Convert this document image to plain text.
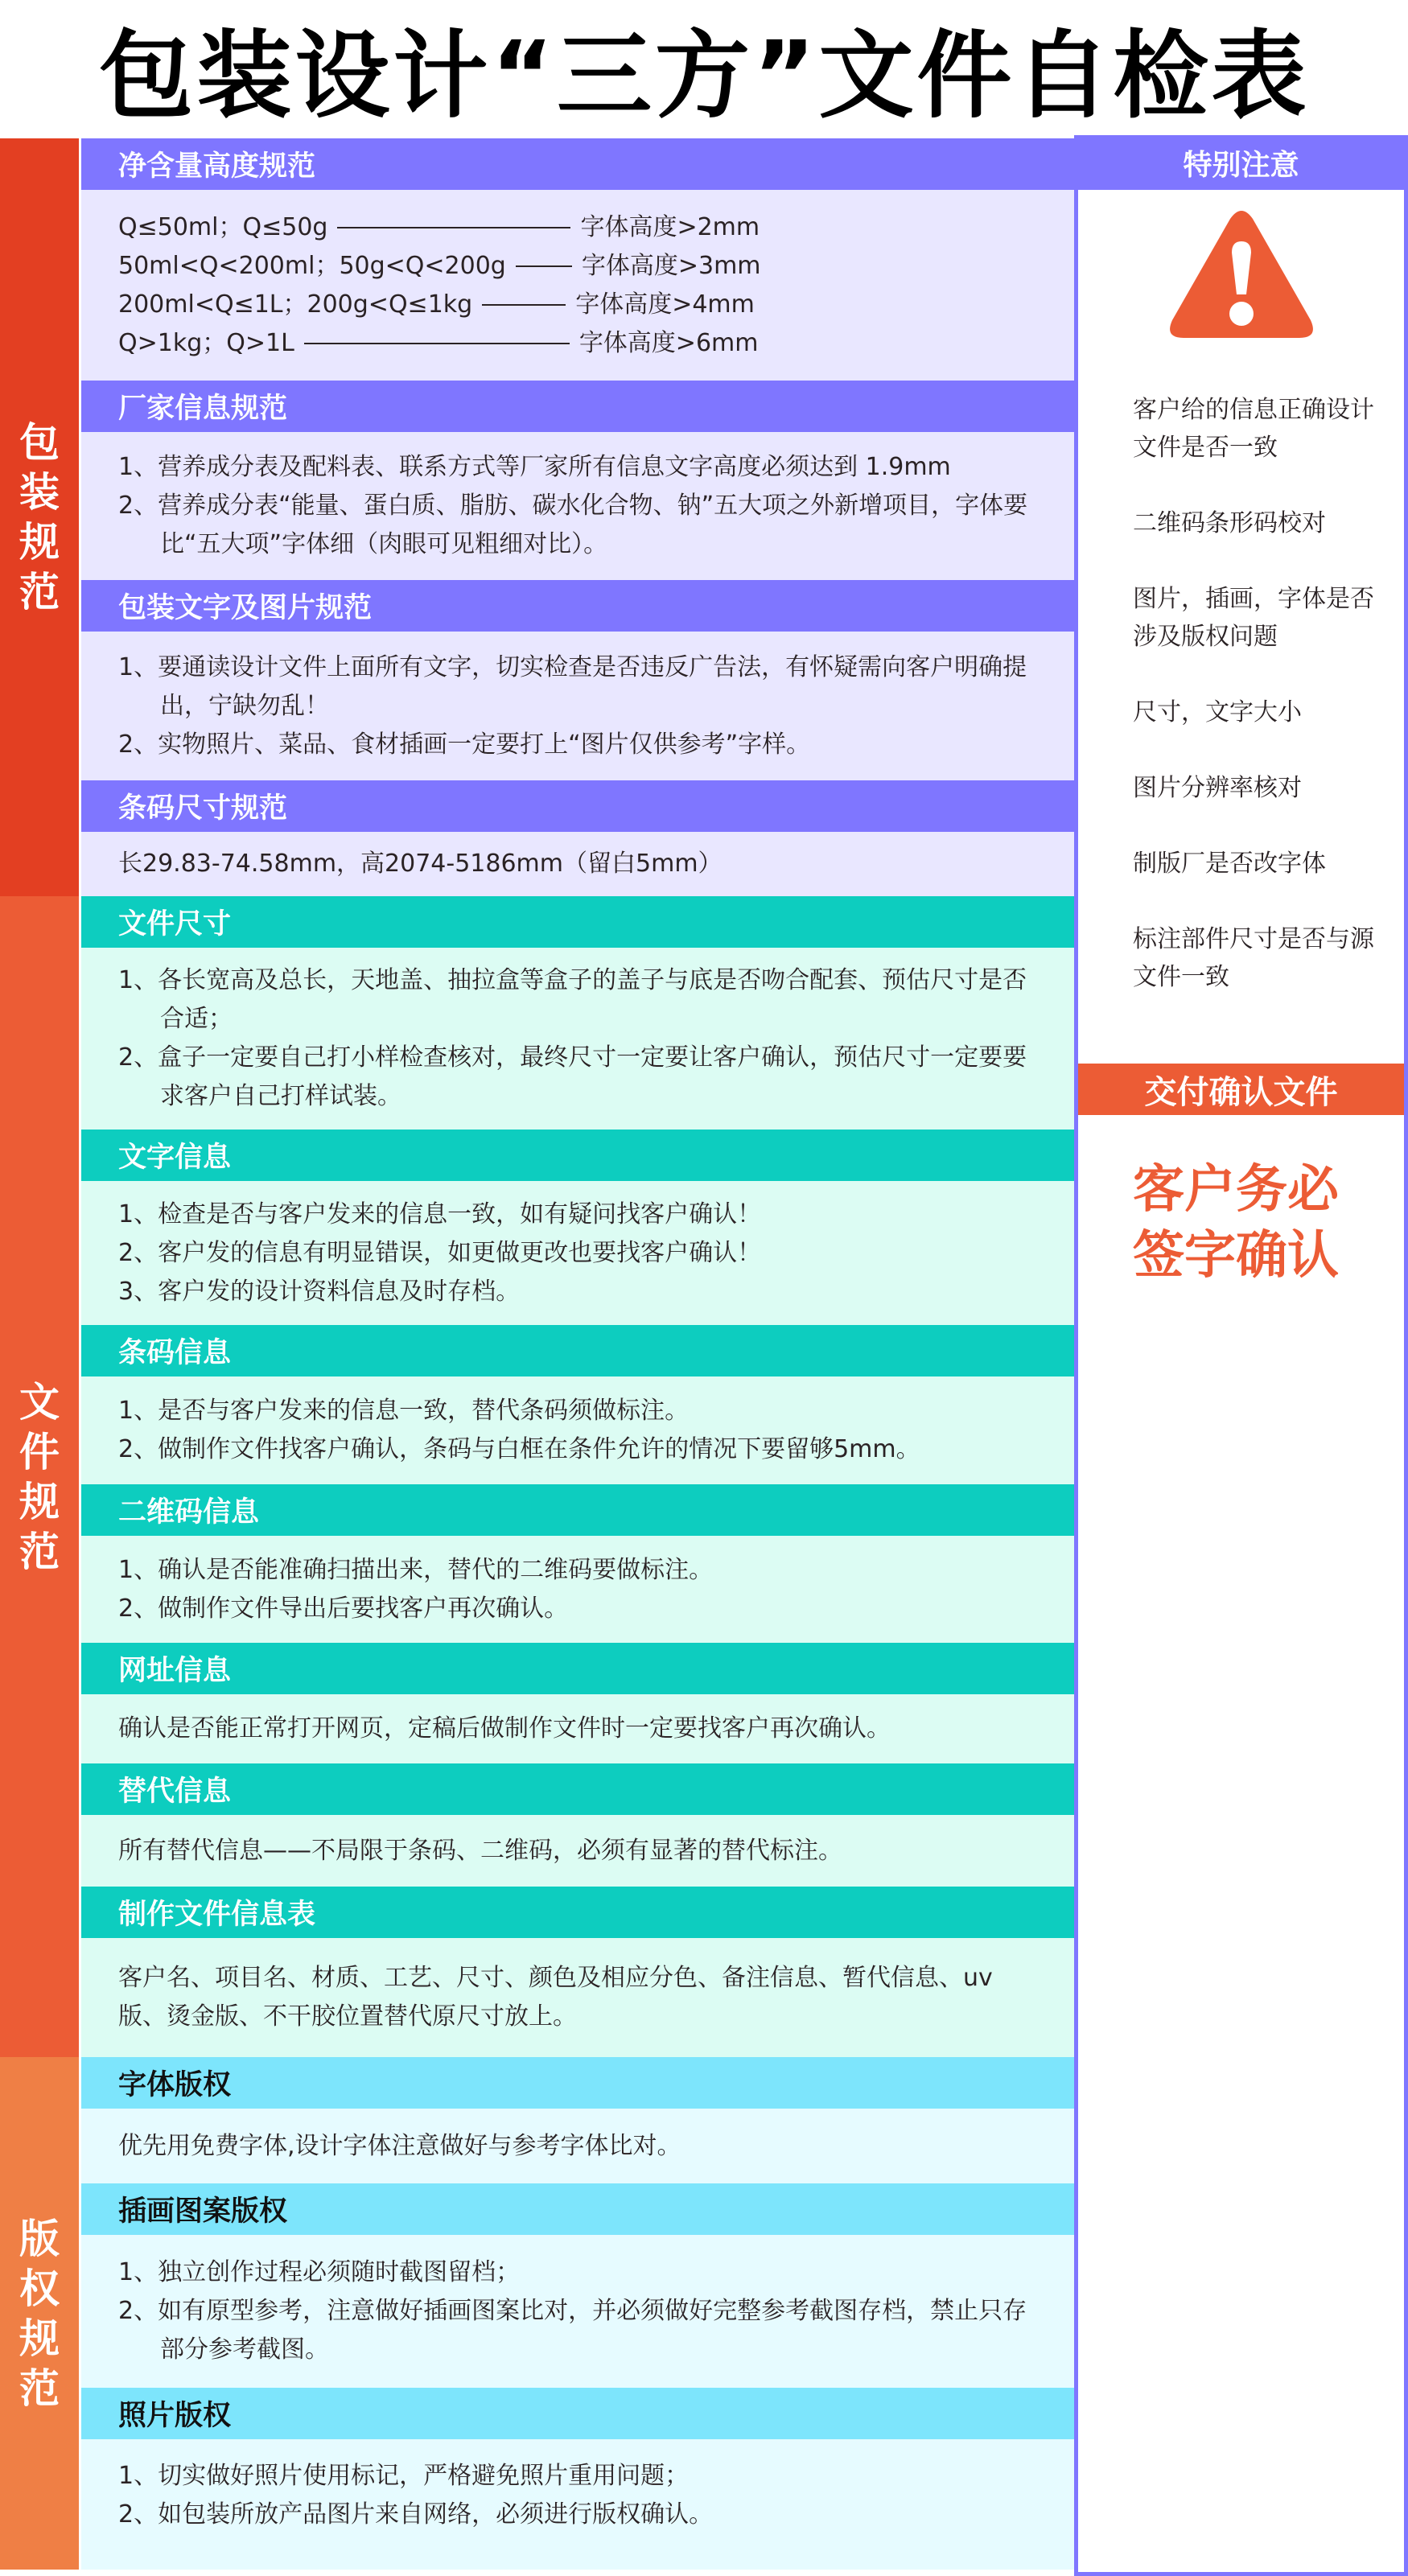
包装设计“三方”文件自检表
包装规范
净含量高度规范
Q≤50ml；Q≤50g	字体高度>2mm
50ml<Q<200ml；50g<Q<200g	字体高度>3mm
200ml<Q≤1L；200g<Q≤1kg	字体高度>4mm
Q>1kg；Q>1L	字体高度>6mm
厂家信息规范
1、营养成分表及配料表、联系方式等厂家所有信息文字高度必须达到 1.9mm
2、营养成分表“能量、蛋白质、脂肪、碳水化合物、钠”五大项之外新增项目，字体要比“五大项”字体细（肉眼可见粗细对比）。
包装文字及图片规范
1、要通读设计文件上面所有文字，切实检查是否违反广告法，有怀疑需向客户明确提出，宁缺勿乱！
2、实物照片、菜品、食材插画一定要打上“图片仅供参考”字样。
条码尺寸规范
长29.83-74.58mm，高2074-5186mm（留白5mm）
文件规范
文件尺寸
1、各长宽高及总长，天地盖、抽拉盒等盒子的盖子与底是否吻合配套、预估尺寸是否合适；
2、盒子一定要自己打小样检查核对，最终尺寸一定要让客户确认，预估尺寸一定要要求客户自己打样试装。
文字信息
1、检查是否与客户发来的信息一致，如有疑问找客户确认！
2、客户发的信息有明显错误，如更做更改也要找客户确认！
3、客户发的设计资料信息及时存档。
条码信息
1、是否与客户发来的信息一致，替代条码须做标注。
2、做制作文件找客户确认，条码与白框在条件允许的情况下要留够5mm。
二维码信息
1、确认是否能准确扫描出来，替代的二维码要做标注。
2、做制作文件导出后要找客户再次确认。
网址信息
确认是否能正常打开网页，定稿后做制作文件时一定要找客户再次确认。
替代信息
所有替代信息——不局限于条码、二维码，必须有显著的替代标注。
制作文件信息表
客户名、项目名、材质、工艺、尺寸、颜色及相应分色、备注信息、暂代信息、uv版、烫金版、不干胶位置替代原尺寸放上。
版权规范
字体版权
优先用免费字体,设计字体注意做好与参考字体比对。
插画图案版权
1、独立创作过程必须随时截图留档；
2、如有原型参考，注意做好插画图案比对，并必须做好完整参考截图存档，禁止只存部分参考截图。
照片版权
1、切实做好照片使用标记，严格避免照片重用问题；
2、如包装所放产品图片来自网络，必须进行版权确认。
特别注意
客户给的信息正确设计文件是否一致
二维码条形码校对
图片，插画，字体是否涉及版权问题
尺寸，文字大小
图片分辨率核对
制版厂是否改字体
标注部件尺寸是否与源文件一致
交付确认文件
客户务必
签字确认
